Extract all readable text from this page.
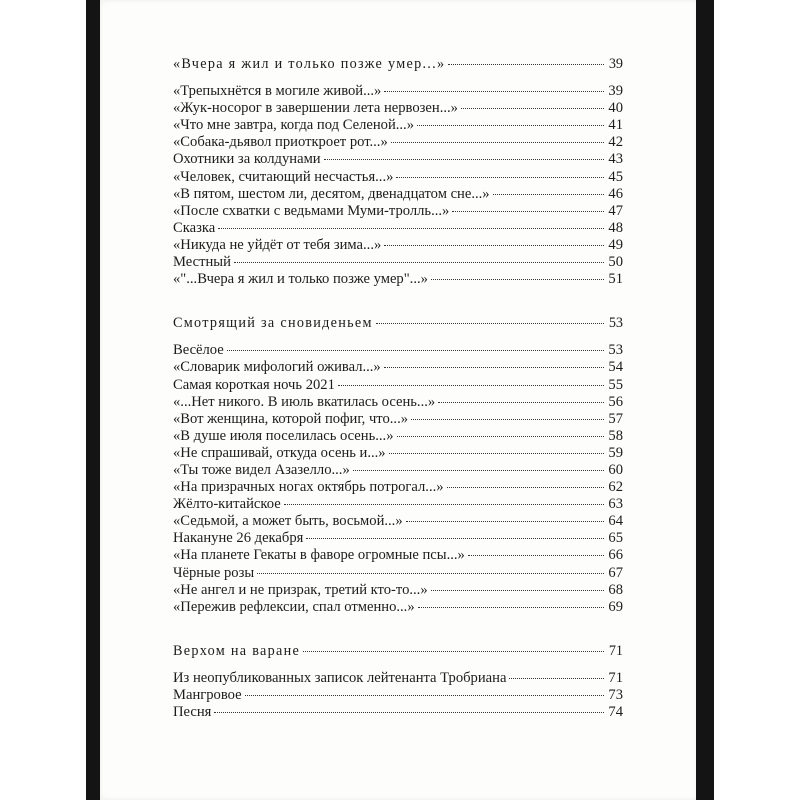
«Вчера я жил и только позже умер...»	39
«Трепыхнётся в могиле живой...»	39
«Жук-носорог в завершении лета нервозен...»	40
«Что мне завтра, когда под Селеной...»	41
«Собака-дьявол приоткроет рот...»	42
Охотники за колдунами	43
«Человек, считающий несчастья...»	45
«В пятом, шестом ли, десятом, двенадцатом сне...»	46
«После схватки с ведьмами Муми-тролль...»	47
Сказка	48
«Никуда не уйдёт от тебя зима...»	49
Местный	50
«"...Вчера я жил и только позже умер"...»	51
Смотрящий за сновиденьем	53
Весёлое	53
«Словарик мифологий оживал...»	54
Самая короткая ночь 2021	55
«...Нет никого. В июль вкатилась осень...»	56
«Вот женщина, которой пофиг, что...»	57
«В душе июля поселилась осень...»	58
«Не спрашивай, откуда осень и...»	59
«Ты тоже видел Азазелло...»	60
«На призрачных ногах октябрь потрогал...»	62
Жёлто-китайское	63
«Седьмой, а может быть, восьмой...»	64
Накануне 26 декабря	65
«На планете Гекаты в фаворе огромные псы...»	66
Чёрные розы	67
«Не ангел и не призрак, третий кто-то...»	68
«Пережив рефлексии, спал отменно...»	69
Верхом на варане	71
Из неопубликованных записок лейтенанта Тробриана	71
Мангровое	73
Песня	74
